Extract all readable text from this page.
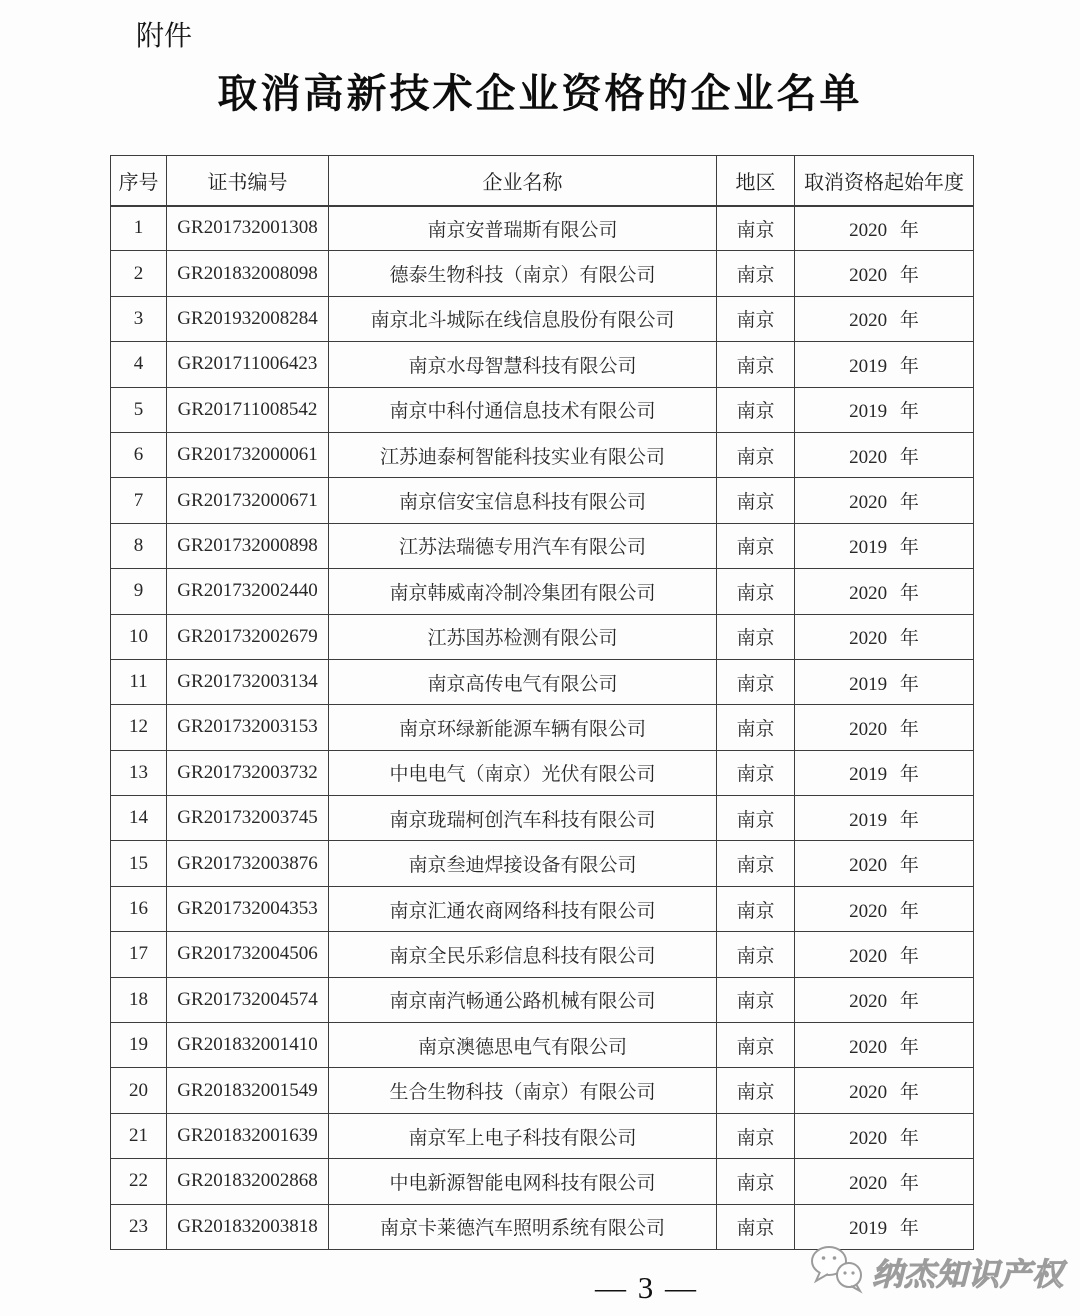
附件
取消高新技术企业资格的企业名单
序号	证书编号	企业名称	地区	取消资格起始年度
1	GR201732001308	南京安普瑞斯有限公司	南京	2020 年
2	GR201832008098	德泰生物科技（南京）有限公司	南京	2020 年
3	GR201932008284	南京北斗城际在线信息股份有限公司	南京	2020 年
4	GR201711006423	南京水母智慧科技有限公司	南京	2019 年
5	GR201711008542	南京中科付通信息技术有限公司	南京	2019 年
6	GR201732000061	江苏迪泰柯智能科技实业有限公司	南京	2020 年
7	GR201732000671	南京信安宝信息科技有限公司	南京	2020 年
8	GR201732000898	江苏法瑞德专用汽车有限公司	南京	2019 年
9	GR201732002440	南京韩威南冷制冷集团有限公司	南京	2020 年
10	GR201732002679	江苏国苏检测有限公司	南京	2020 年
11	GR201732003134	南京高传电气有限公司	南京	2019 年
12	GR201732003153	南京环绿新能源车辆有限公司	南京	2020 年
13	GR201732003732	中电电气（南京）光伏有限公司	南京	2019 年
14	GR201732003745	南京珑瑞柯创汽车科技有限公司	南京	2019 年
15	GR201732003876	南京叁迪焊接设备有限公司	南京	2020 年
16	GR201732004353	南京汇通农商网络科技有限公司	南京	2020 年
17	GR201732004506	南京全民乐彩信息科技有限公司	南京	2020 年
18	GR201732004574	南京南汽畅通公路机械有限公司	南京	2020 年
19	GR201832001410	南京澳德思电气有限公司	南京	2020 年
20	GR201832001549	生合生物科技（南京）有限公司	南京	2020 年
21	GR201832001639	南京军上电子科技有限公司	南京	2020 年
22	GR201832002868	中电新源智能电网科技有限公司	南京	2020 年
23	GR201832003818	南京卡莱德汽车照明系统有限公司	南京	2019 年
纳杰知识产权
— 3 —
